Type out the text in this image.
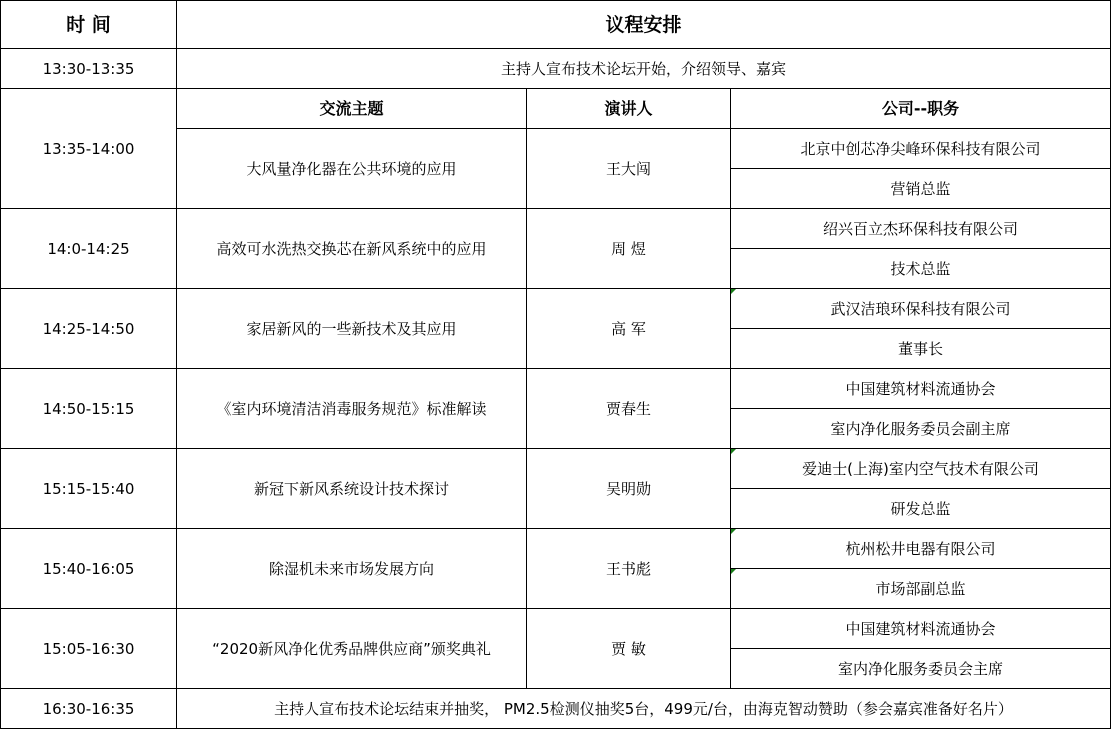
时 间	议程安排		
13:30-13:35	主持人宣布技术论坛开始，介绍领导、嘉宾		
13:35-14:00	交流主题	演讲人	公司--职务
	大风量净化器在公共环境的应用	王大闯	北京中创芯净尖峰环保科技有限公司
			营销总监
14:0-14:25	高效可水洗热交换芯在新风系统中的应用	周 煜	绍兴百立杰环保科技有限公司
			技术总监
14:25-14:50	家居新风的一些新技术及其应用	高 军	武汉洁琅环保科技有限公司
			董事长
14:50-15:15	《室内环境清洁消毒服务规范》标准解读	贾春生	中国建筑材料流通协会
			室内净化服务委员会副主席
15:15-15:40	新冠下新风系统设计技术探讨	吴明勋	爱迪士(上海)室内空气技术有限公司
			研发总监
15:40-16:05	除湿机未来市场发展方向	王书彪	杭州松井电器有限公司
			市场部副总监
15:05-16:30	“2020新风净化优秀品牌供应商”颁奖典礼	贾 敏	中国建筑材料流通协会
			室内净化服务委员会主席
16:30-16:35	主持人宣布技术论坛结束并抽奖， PM2.5检测仪抽奖5台，499元/台，由海克智动赞助（参会嘉宾准备好名片）		
